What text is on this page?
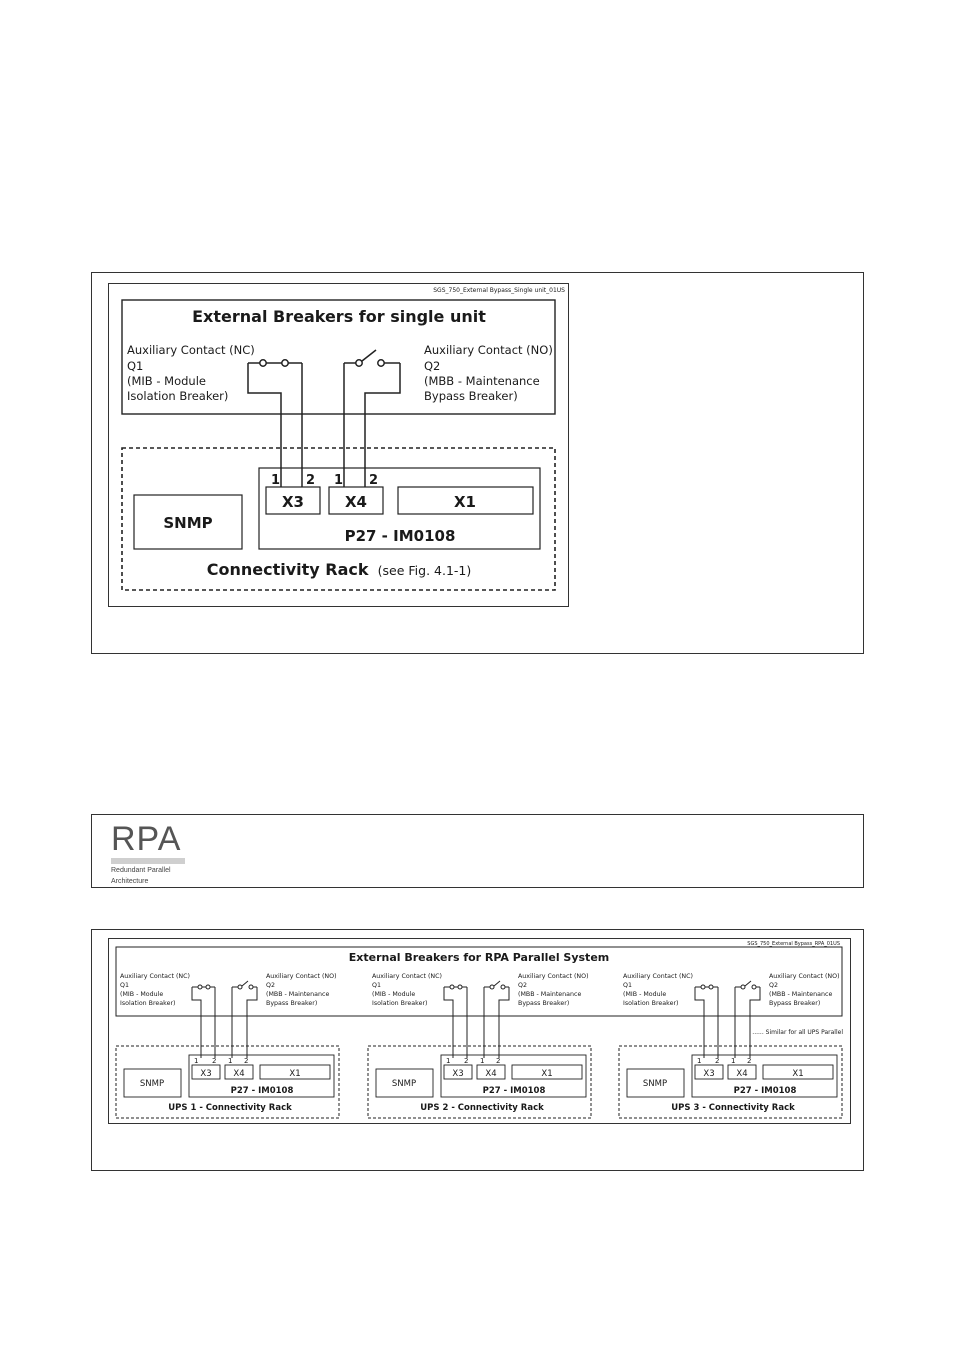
SGS_750_External Bypass_Single unit_01US
External Breakers for single unit
Auxiliary Contact (NC)
Q1
(MIB - Module
Isolation Breaker)
Auxiliary Contact (NO)
Q2
(MBB - Maintenance
Bypass Breaker)
SNMP
1 2 1 2
X3	X4	X1
P27 - IM0108
Connectivity Rack (see Fig. 4.1-1)
RPA
Redundant Parallel
Architecture
SGS_750_External Bypass_RPA_01US
External Breakers for RPA Parallel System
...... Similar for all UPS Parallel
Auxiliary Contact (NC)
Q1
(MIB - Module
Isolation Breaker)
Auxiliary Contact (NO)
Q2
(MBB - Maintenance
Bypass Breaker)
SNMP
1 2 1 2
X3	X4	X1
P27 - IM0108
UPS 1 - Connectivity Rack
Auxiliary Contact (NC)
Q1
(MIB - Module
Isolation Breaker)
Auxiliary Contact (NO)
Q2
(MBB - Maintenance
Bypass Breaker)
SNMP
1 2 1 2
X3	X4	X1
P27 - IM0108
UPS 2 - Connectivity Rack
Auxiliary Contact (NC)
Q1
(MIB - Module
Isolation Breaker)
Auxiliary Contact (NO)
Q2
(MBB - Maintenance
Bypass Breaker)
SNMP
1 2 1 2
X3	X4	X1
P27 - IM0108
UPS 3 - Connectivity Rack
